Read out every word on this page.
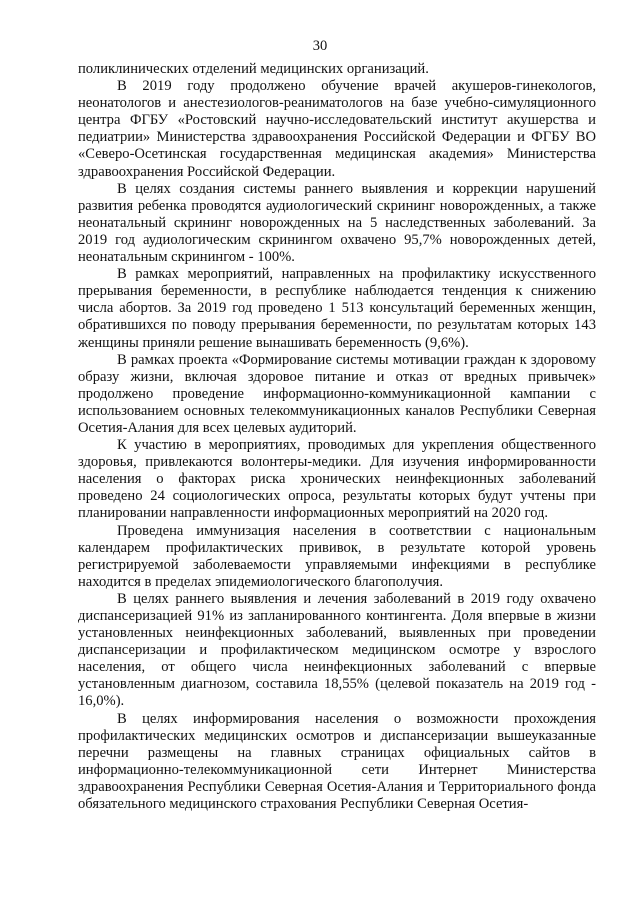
30

поликлинических отделений медицинских организаций.

В 2019 году продолжено обучение врачей акушеров-гинекологов, неонатологов и анестезиологов-реаниматологов на базе учебно-симуляционного центра ФГБУ «Ростовский научно-исследовательский институт акушерства и педиатрии» Министерства здравоохранения Российской Федерации и ФГБУ ВО «Северо-Осетинская государственная медицинская академия» Министерства здравоохранения Российской Федерации.

В целях создания системы раннего выявления и коррекции нарушений развития ребенка проводятся аудиологический скрининг новорожденных, а также неонатальный скрининг новорожденных на 5 наследственных заболеваний. За 2019 год аудиологическим скринингом охвачено 95,7% новорожденных детей, неонатальным скринингом - 100%.

В рамках мероприятий, направленных на профилактику искусственного прерывания беременности, в республике наблюдается тенденция к снижению числа абортов. За 2019 год проведено 1 513 консультаций беременных женщин, обратившихся по поводу прерывания беременности, по результатам которых 143 женщины приняли решение вынашивать беременность (9,6%).

В рамках проекта «Формирование системы мотивации граждан к здоровому образу жизни, включая здоровое питание и отказ от вредных привычек» продолжено проведение информационно-коммуникационной кампании с использованием основных телекоммуникационных каналов Республики Северная Осетия-Алания для всех целевых аудиторий.

К участию в мероприятиях, проводимых для укрепления общественного здоровья, привлекаются волонтеры-медики. Для изучения информированности населения о факторах риска хронических неинфекционных заболеваний проведено 24 социологических опроса, результаты которых будут учтены при планировании направленности информационных мероприятий на 2020 год.

Проведена иммунизация населения в соответствии с национальным календарем профилактических прививок, в результате которой уровень регистрируемой заболеваемости управляемыми инфекциями в республике находится в пределах эпидемиологического благополучия.

В целях раннего выявления и лечения заболеваний в 2019 году охвачено диспансеризацией 91% из запланированного контингента. Доля впервые в жизни установленных неинфекционных заболеваний, выявленных при проведении диспансеризации и профилактическом медицинском осмотре у взрослого населения, от общего числа неинфекционных заболеваний с впервые установленным диагнозом, составила 18,55% (целевой показатель на 2019 год - 16,0%).

В целях информирования населения о возможности прохождения профилактических медицинских осмотров и диспансеризации вышеуказанные перечни размещены на главных страницах официальных сайтов в информационно-телекоммуникационной сети Интернет Министерства здравоохранения Республики Северная Осетия-Алания и Территориального фонда обязательного медицинского страхования Республики Северная Осетия-
